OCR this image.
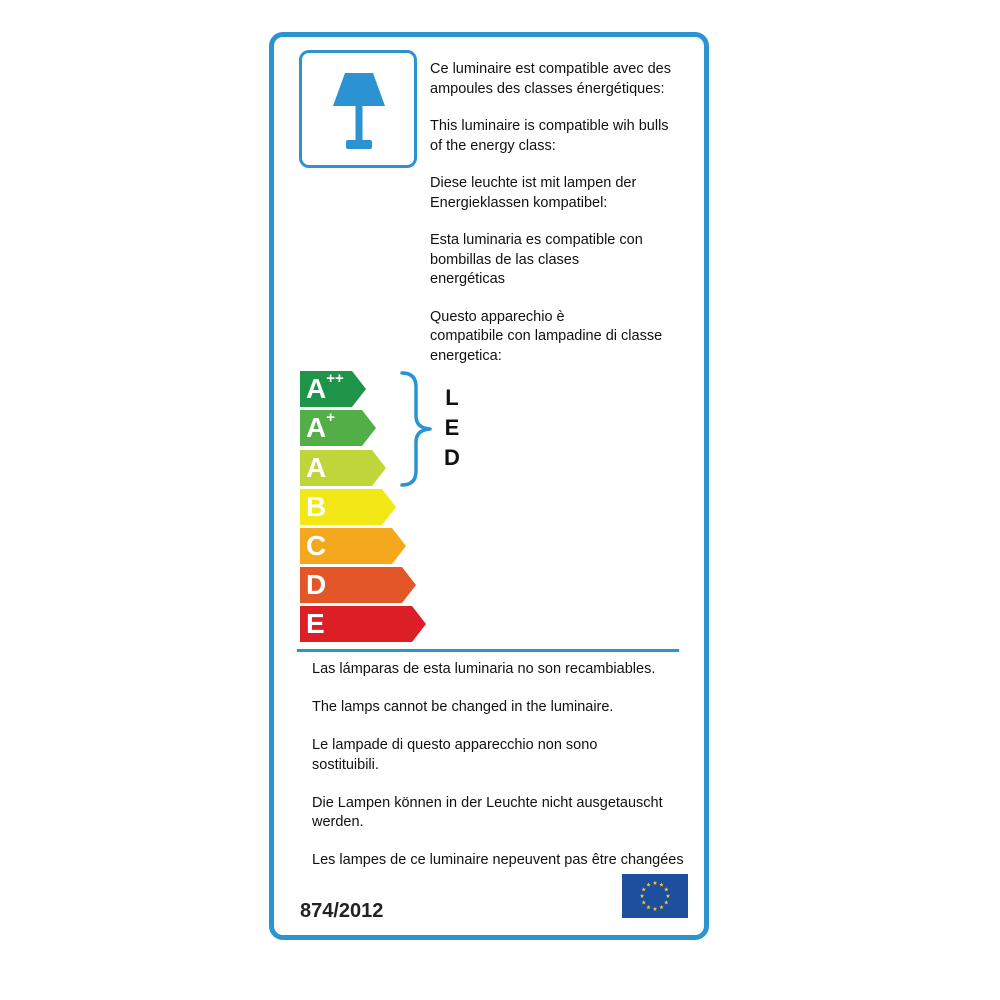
Ce luminaire est compatible avec des
ampoules des classes énergétiques:

This luminaire is compatible wih bulls
of the energy class:

Diese leuchte ist mit lampen der
Energieklassen kompatibel:

Esta luminaria es compatible con
bombillas de las clases
energéticas

Questo apparechio è
compatibile con lampadine di classe
energetica:

A++
A+
A
B
C
D
E
L
E
D

Las lámparas de esta luminaria no son recambiables.

The lamps cannot be changed in the luminaire.

Le lampade di questo apparecchio non sono
sostituibili.

Die Lampen können in der Leuchte nicht ausgetauscht
werden.

Les lampes de ce luminaire nepeuvent pas être changées

874/2012
